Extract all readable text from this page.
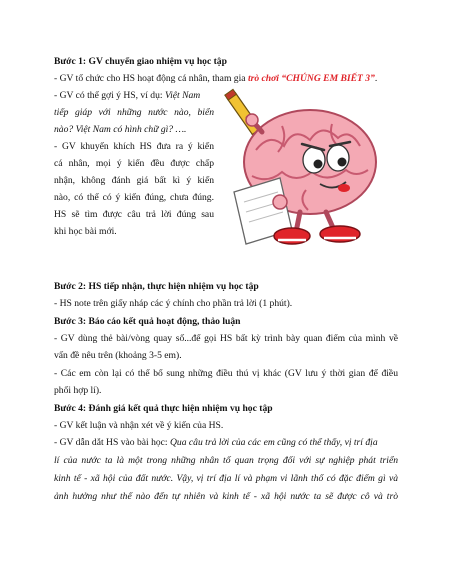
Bước 1: GV chuyển giao nhiệm vụ học tập
- GV tổ chức cho HS hoạt động cá nhân, tham gia trò chơi “CHÚNG EM BIẾT 3”.
- GV có thể gợi ý HS, ví dụ: Việt Nam
tiếp giáp với những nước nào, biển
nào? Việt Nam có hình chữ gì? ….
- GV khuyến khích HS đưa ra ý kiến
cá nhân, mọi ý kiến đều được chấp
nhận, không đánh giá bất kì ý kiến
nào, có thể có ý kiến đúng, chưa đúng.
HS sẽ tìm được câu trả lời đúng sau
khi học bài mới.
Bước 2: HS tiếp nhận, thực hiện nhiệm vụ học tập
- HS note trên giấy nháp các ý chính cho phần trả lời (1 phút).
Bước 3: Báo cáo kết quả hoạt động, thảo luận
- GV dùng thẻ bài/vòng quay số...để gọi HS bất kỳ trình bày quan điểm của mình về
vấn đề nêu trên (khoảng 3-5 em).
- Các em còn lại có thể bổ sung những điều thú vị khác (GV lưu ý thời gian để điều
phối hợp lí).
Bước 4: Đánh giá kết quả thực hiện nhiệm vụ học tập
- GV kết luận và nhận xét về ý kiến của HS.
- GV dẫn dắt HS vào bài học: Qua câu trả lời của các em cũng có thể thấy, vị trí địa
lí của nước ta là một trong những nhân tố quan trọng đối với sự nghiệp phát triển
kinh tế - xã hội của đất nước. Vậy, vị trí địa lí và phạm vi lãnh thổ có đặc điểm gì và
ảnh hưởng như thế nào đến tự nhiên và kinh tế - xã hội nước ta sẽ được cô và trò
